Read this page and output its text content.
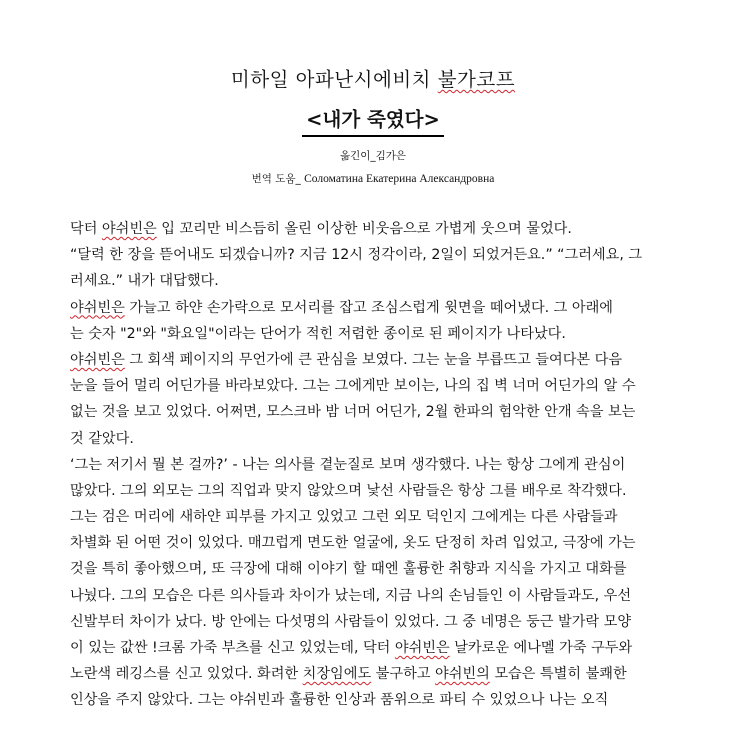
미하일 아파난시에비치 불가코프
<내가 죽였다>
옮긴이_김가은
번역 도움_ Соломатина Екатерина Александровна
닥터 야쉬빈은 입 꼬리만 비스듬히 올린 이상한 비웃음으로 가볍게 웃으며 물었다.
“달력 한 장을 뜯어내도 되겠습니까? 지금 12시 정각이라, 2일이 되었거든요.” “그러세요, 그
러세요.” 내가 대답했다.
야쉬빈은 가늘고 하얀 손가락으로 모서리를 잡고 조심스럽게 윗면을 떼어냈다. 그 아래에
는 숫자 "2"와 "화요일"이라는 단어가 적힌 저렴한 종이로 된 페이지가 나타났다.
야쉬빈은 그 회색 페이지의 무언가에 큰 관심을 보였다. 그는 눈을 부릅뜨고 들여다본 다음
눈을 들어 멀리 어딘가를 바라보았다. 그는 그에게만 보이는, 나의 집 벽 너머 어딘가의 알 수
없는 것을 보고 있었다. 어쩌면, 모스크바 밤 너머 어딘가, 2월 한파의 험악한 안개 속을 보는
것 같았다.
‘그는 저기서 뭘 본 걸까?’ - 나는 의사를 곁눈질로 보며 생각했다. 나는 항상 그에게 관심이
많았다. 그의 외모는 그의 직업과 맞지 않았으며 낯선 사람들은 항상 그를 배우로 착각했다.
그는 검은 머리에 새하얀 피부를 가지고 있었고 그런 외모 덕인지 그에게는 다른 사람들과
차별화 된 어떤 것이 있었다. 매끄럽게 면도한 얼굴에, 옷도 단정히 차려 입었고, 극장에 가는
것을 특히 좋아했으며, 또 극장에 대해 이야기 할 때엔 훌륭한 취향과 지식을 가지고 대화를
나눴다. 그의 모습은 다른 의사들과 차이가 났는데, 지금 나의 손님들인 이 사람들과도, 우선
신발부터 차이가 났다. 방 안에는 다섯명의 사람들이 있었다. 그 중 네명은 둥근 발가락 모양
이 있는 값싼 !크롬 가죽 부츠를 신고 있었는데, 닥터 야쉬빈은 날카로운 에나멜 가죽 구두와
노란색 레깅스를 신고 있었다. 화려한 치장임에도 불구하고 야쉬빈의 모습은 특별히 불쾌한
인상을 주지 않았다. 그는 야쉬빈과 훌륭한 인상과 품위으로 파티 수 있었으나 나는 오직
